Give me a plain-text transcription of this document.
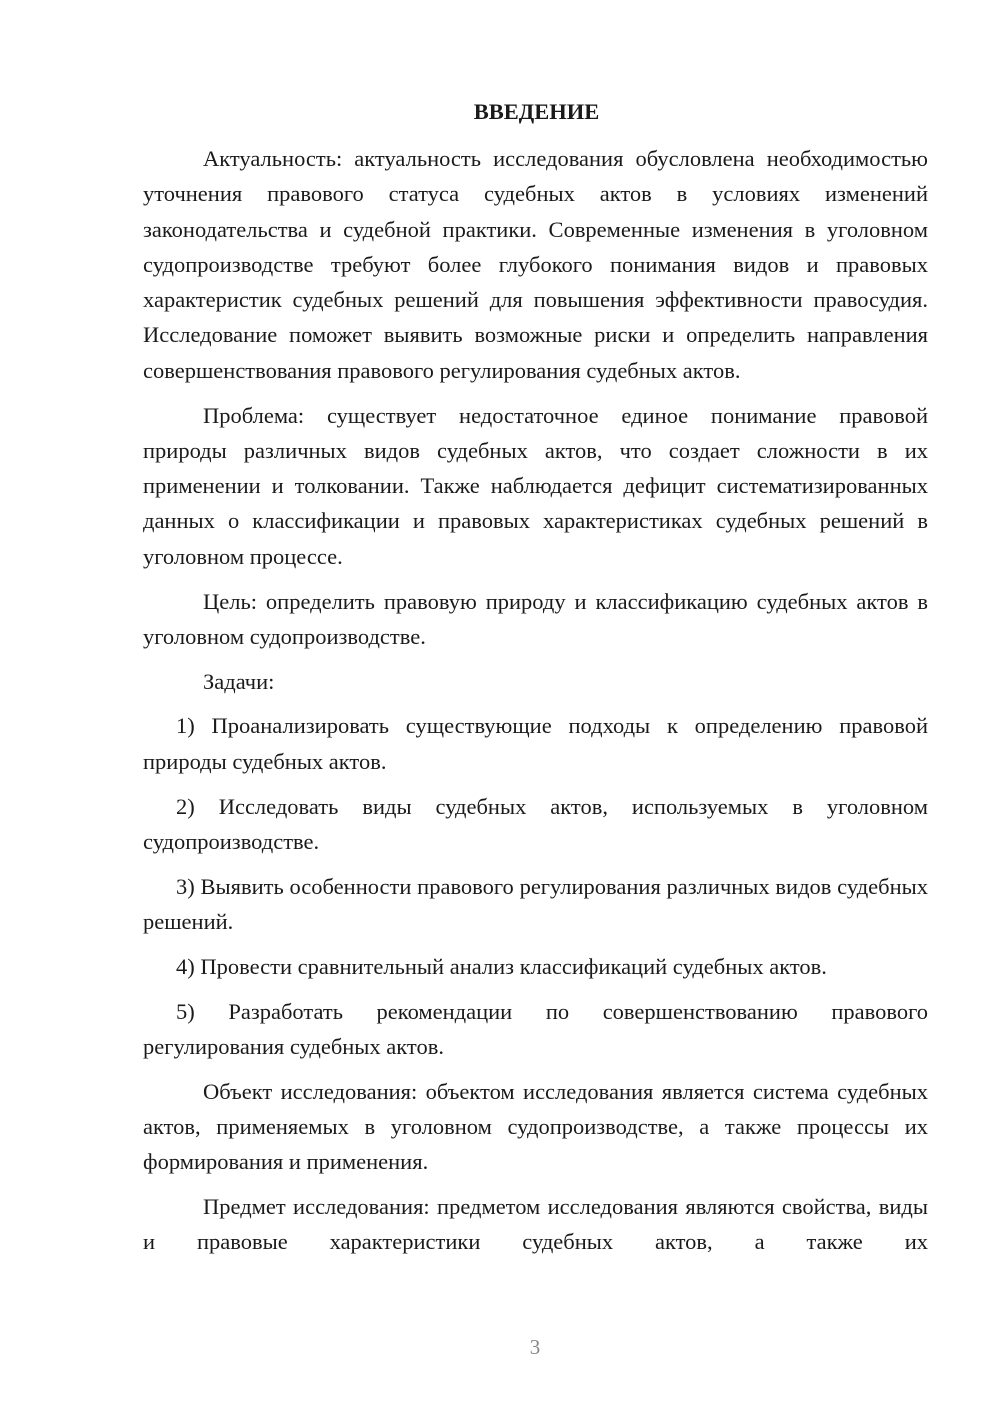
ВВЕДЕНИЕ

Актуальность: актуальность исследования обусловлена необходимостью уточнения правового статуса судебных актов в условиях изменений законодательства и судебной практики. Современные изменения в уголовном судопроизводстве требуют более глубокого понимания видов и правовых характеристик судебных решений для повышения эффективности правосудия. Исследование поможет выявить возможные риски и определить направления совершенствования правового регулирования судебных актов.

Проблема: существует недостаточное единое понимание правовой природы различных видов судебных актов, что создает сложности в их применении и толковании. Также наблюдается дефицит систематизированных данных о классификации и правовых характеристиках судебных решений в уголовном процессе.

Цель: определить правовую природу и классификацию судебных актов в уголовном судопроизводстве.

Задачи:

1) Проанализировать существующие подходы к определению правовой природы судебных актов.

2) Исследовать виды судебных актов, используемых в уголовном судопроизводстве.

3) Выявить особенности правового регулирования различных видов судебных решений.

4) Провести сравнительный анализ классификаций судебных актов.

5) Разработать рекомендации по совершенствованию правового регулирования судебных актов.

Объект исследования: объектом исследования является система судебных актов, применяемых в уголовном судопроизводстве, а также процессы их формирования и применения.

Предмет исследования: предметом исследования являются свойства, виды и правовые характеристики судебных актов, а также их

3
